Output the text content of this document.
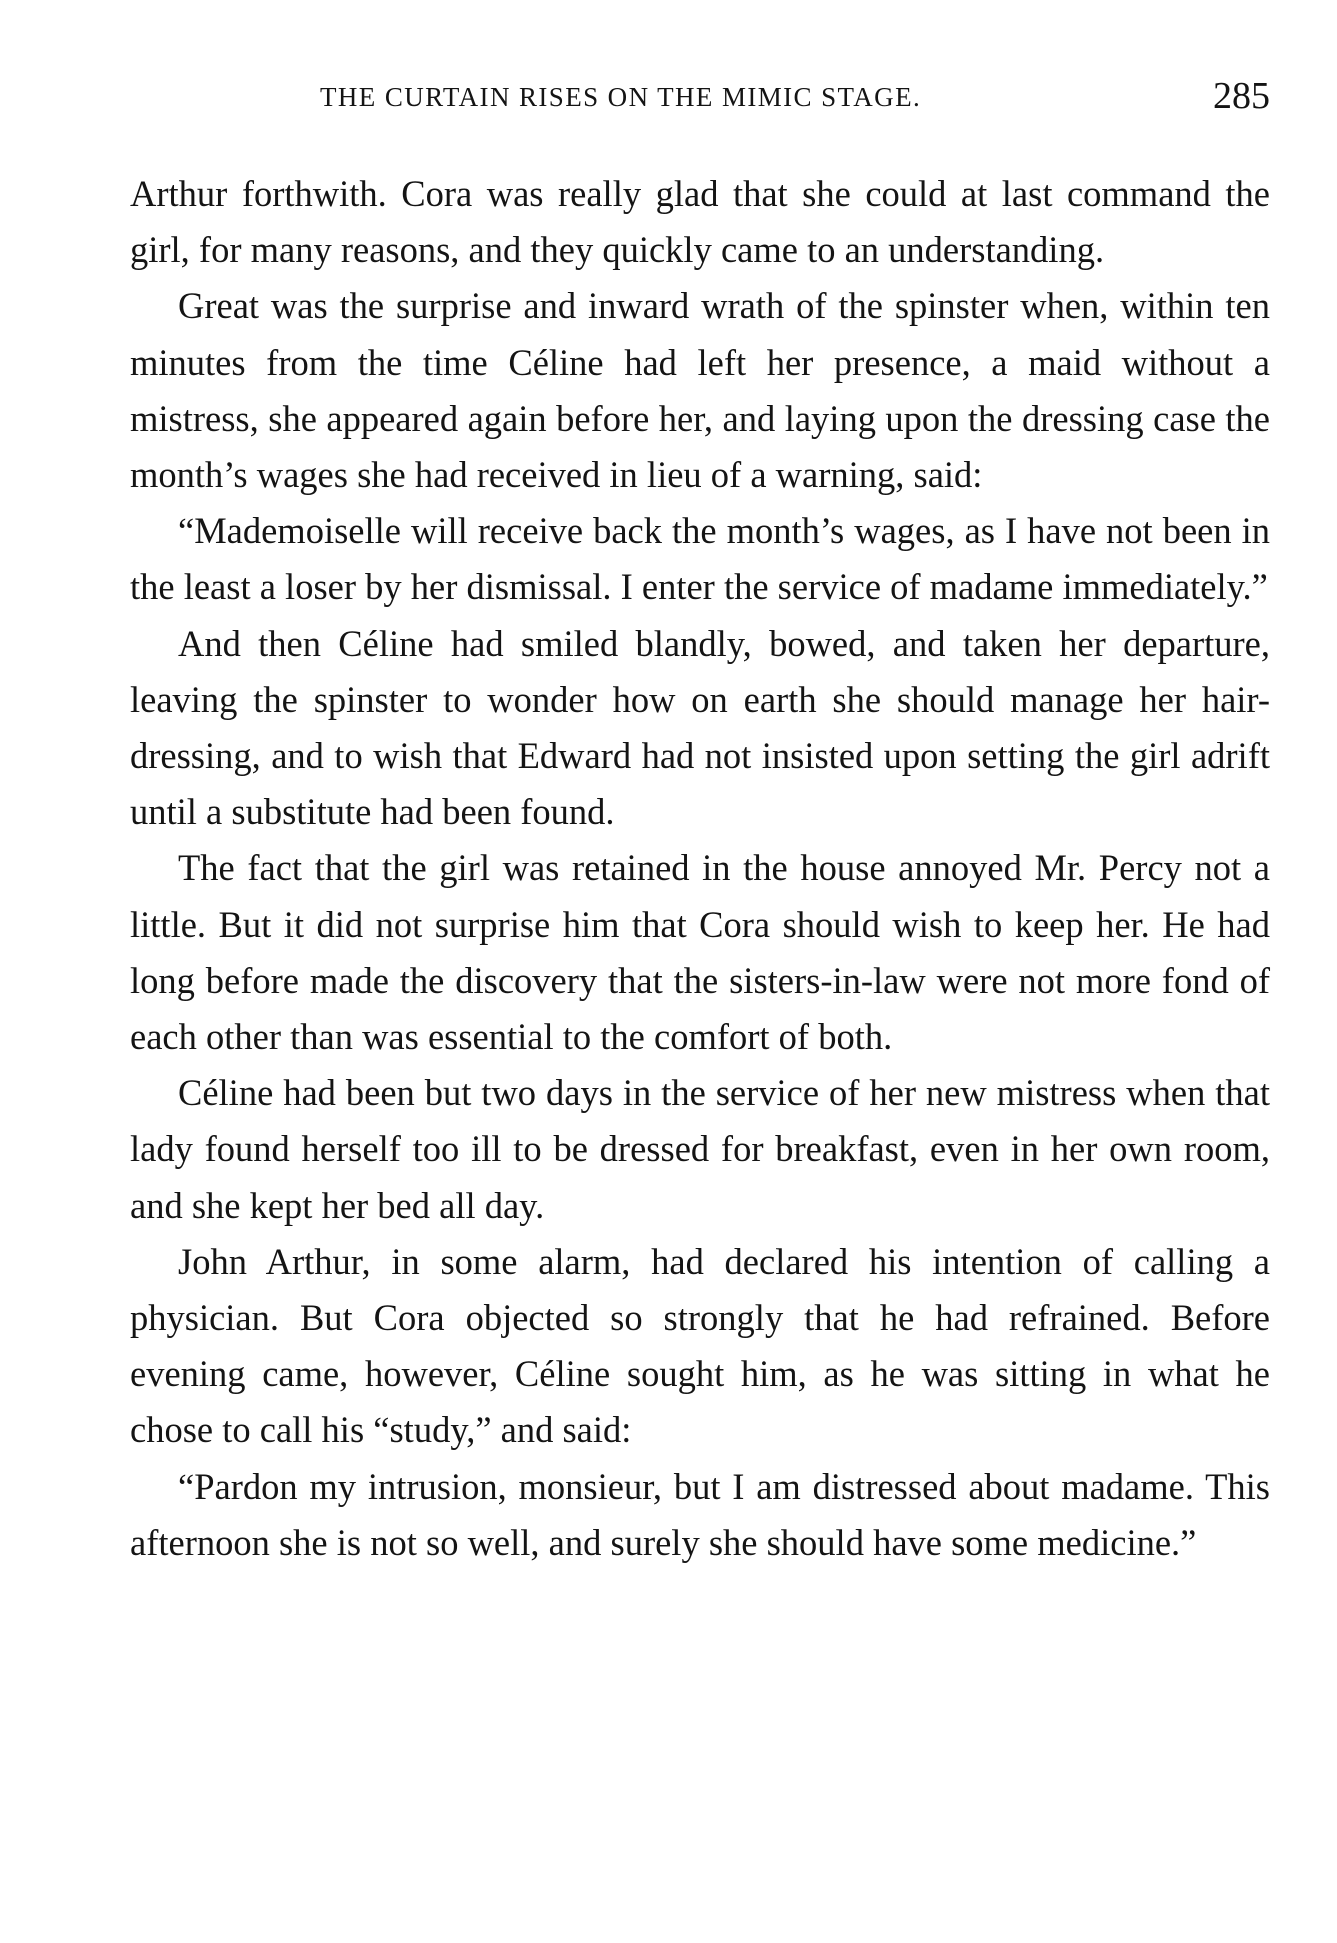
THE CURTAIN RISES ON THE MIMIC STAGE.	285

Arthur forthwith. Cora was really glad that she could at last command the girl, for many reasons, and they quickly came to an understanding.

Great was the surprise and inward wrath of the spinster when, within ten minutes from the time Céline had left her presence, a maid without a mistress, she appeared again before her, and laying upon the dressing case the month’s wages she had received in lieu of a warning, said:

“Mademoiselle will receive back the month’s wages, as I have not been in the least a loser by her dismissal. I enter the service of madame immediately.”

And then Céline had smiled blandly, bowed, and taken her departure, leaving the spinster to wonder how on earth she should manage her hair-dressing, and to wish that Edward had not insisted upon setting the girl adrift until a substitute had been found.

The fact that the girl was retained in the house annoyed Mr. Percy not a little. But it did not surprise him that Cora should wish to keep her. He had long before made the discovery that the sisters-in-law were not more fond of each other than was essential to the comfort of both.

Céline had been but two days in the service of her new mistress when that lady found herself too ill to be dressed for breakfast, even in her own room, and she kept her bed all day.

John Arthur, in some alarm, had declared his intention of calling a physician. But Cora objected so strongly that he had refrained. Before evening came, however, Céline sought him, as he was sitting in what he chose to call his “study,” and said:

“Pardon my intrusion, monsieur, but I am distressed about madame. This afternoon she is not so well, and surely she should have some medicine.”
